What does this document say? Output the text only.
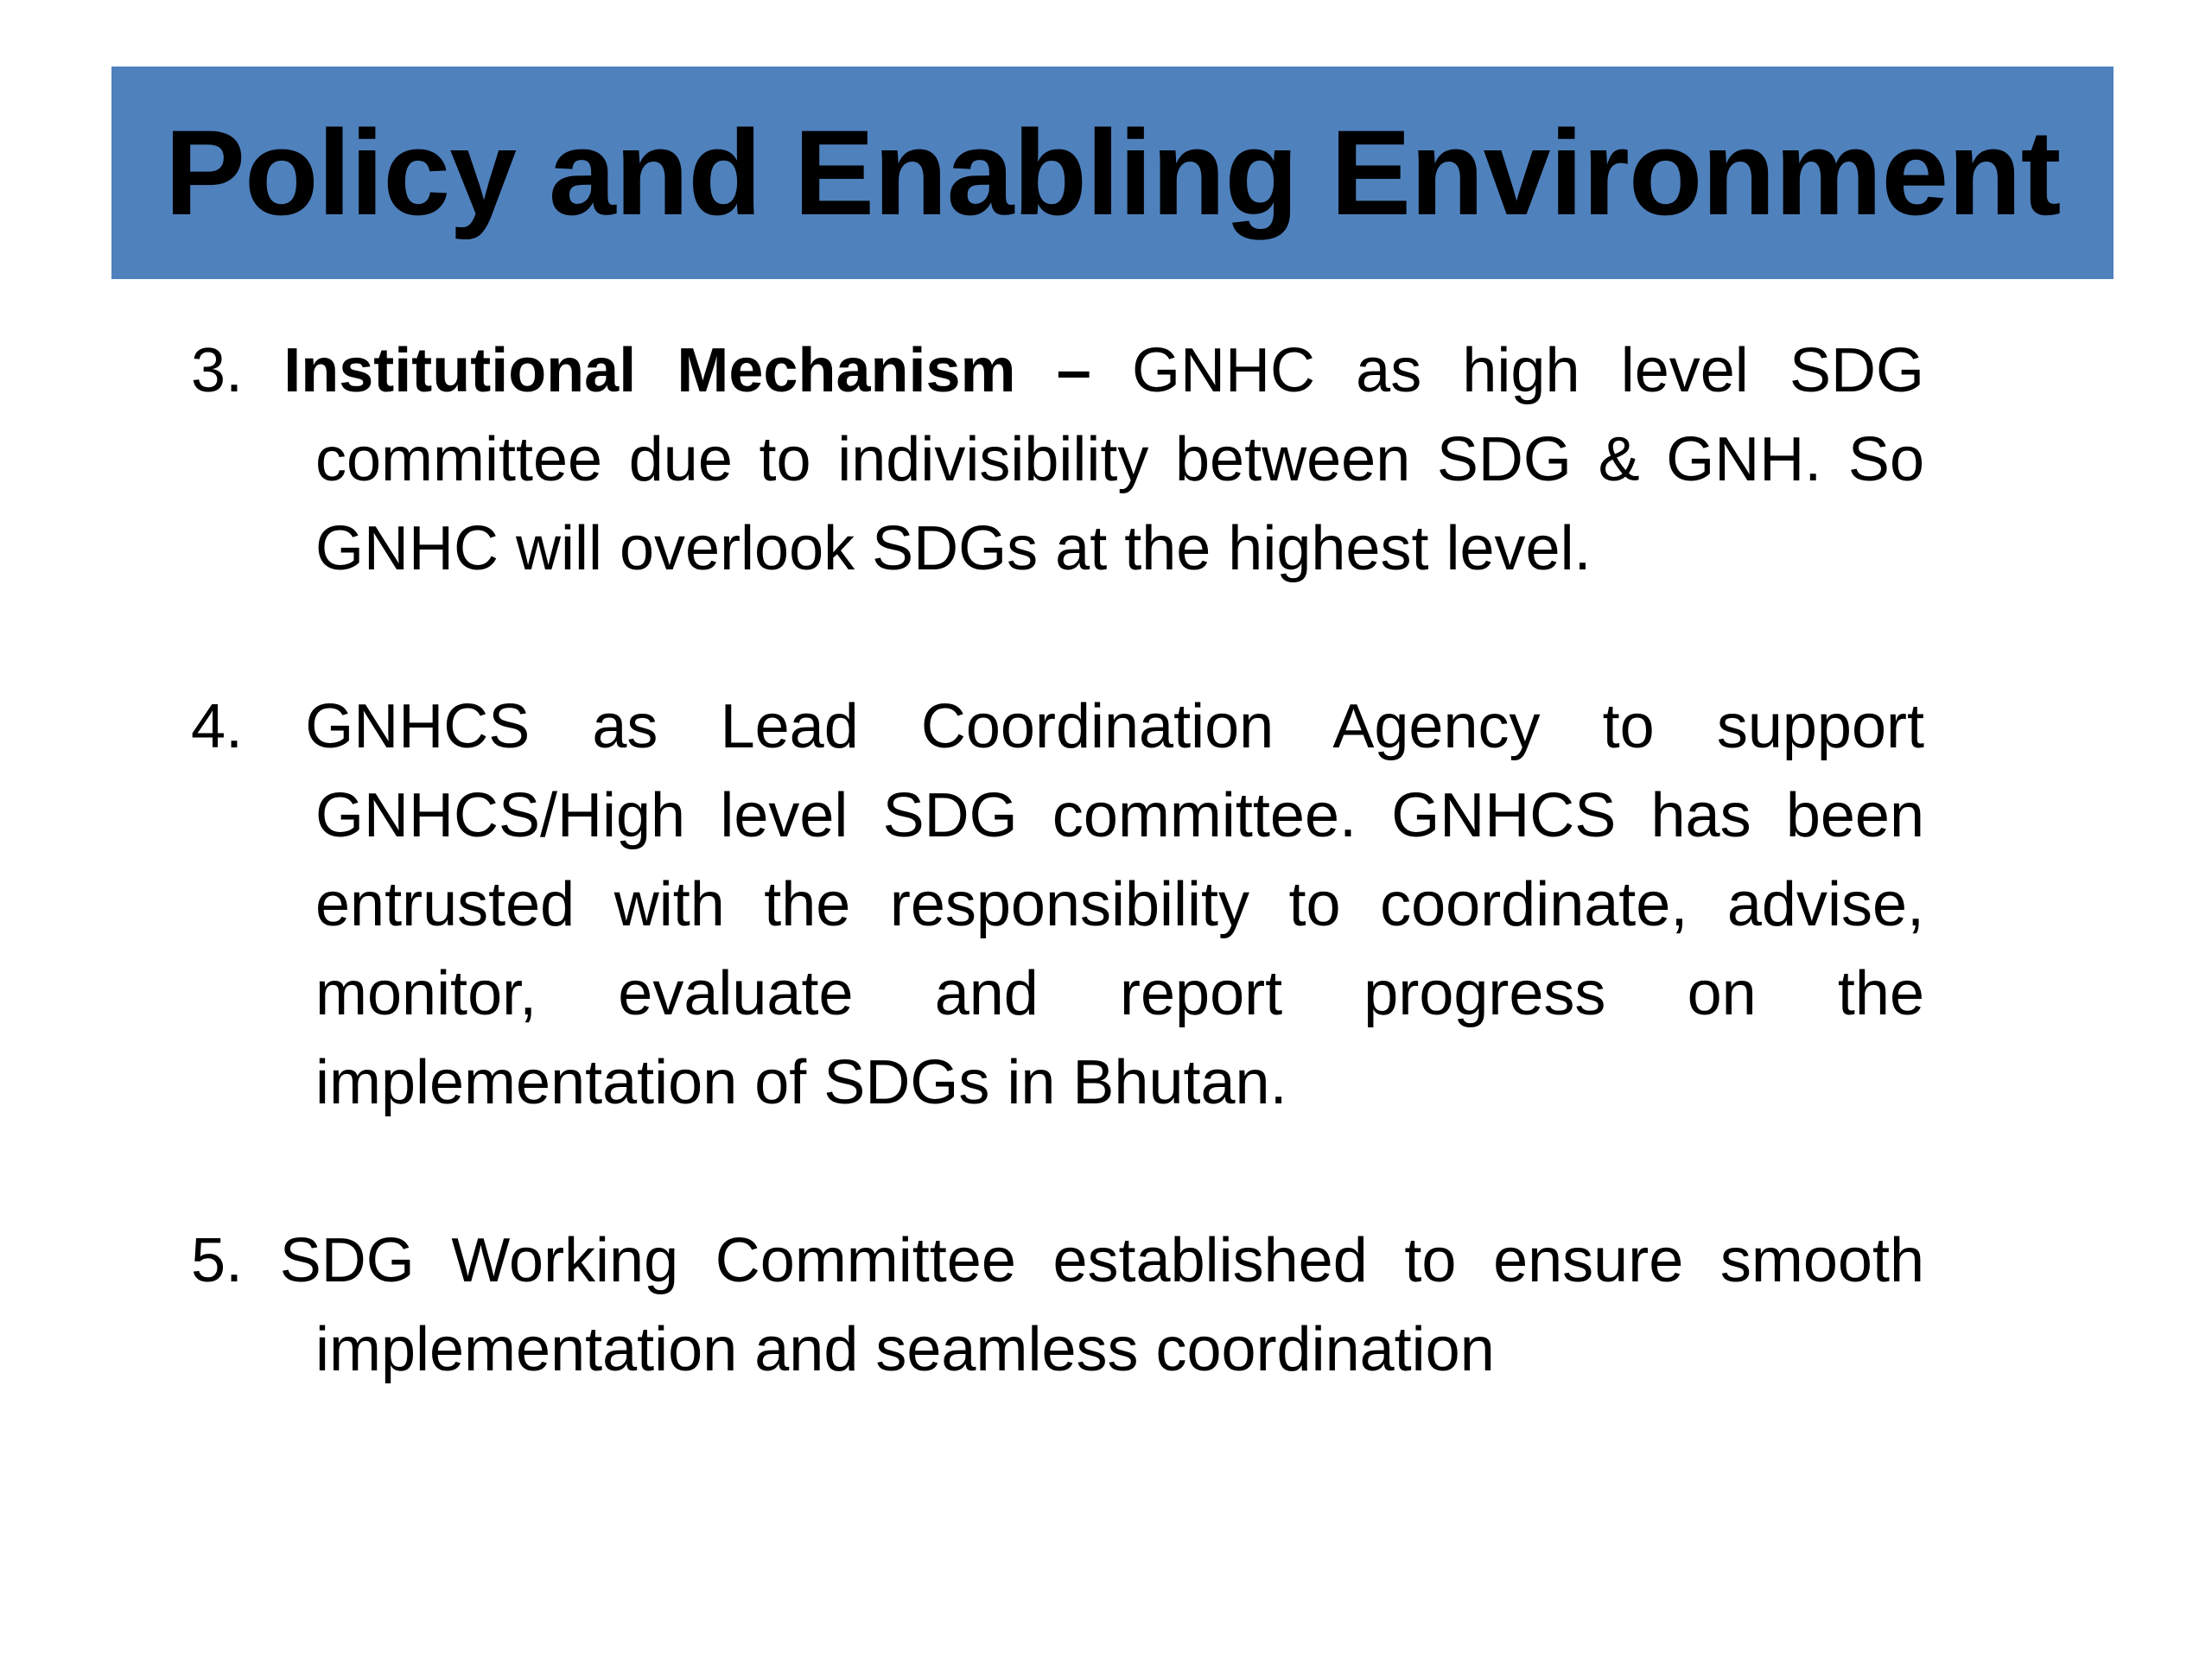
Policy and Enabling Environment

3. Institutional Mechanism – GNHC as high level SDG committee due to indivisibility between SDG & GNH. So GNHC will overlook SDGs at the highest level.

4. GNHCS as Lead Coordination Agency to support GNHCS/High level SDG committee. GNHCS has been entrusted with the responsibility to coordinate, advise, monitor, evaluate and report progress on the implementation of SDGs in Bhutan.

5. SDG Working Committee established to ensure smooth implementation and seamless coordination
